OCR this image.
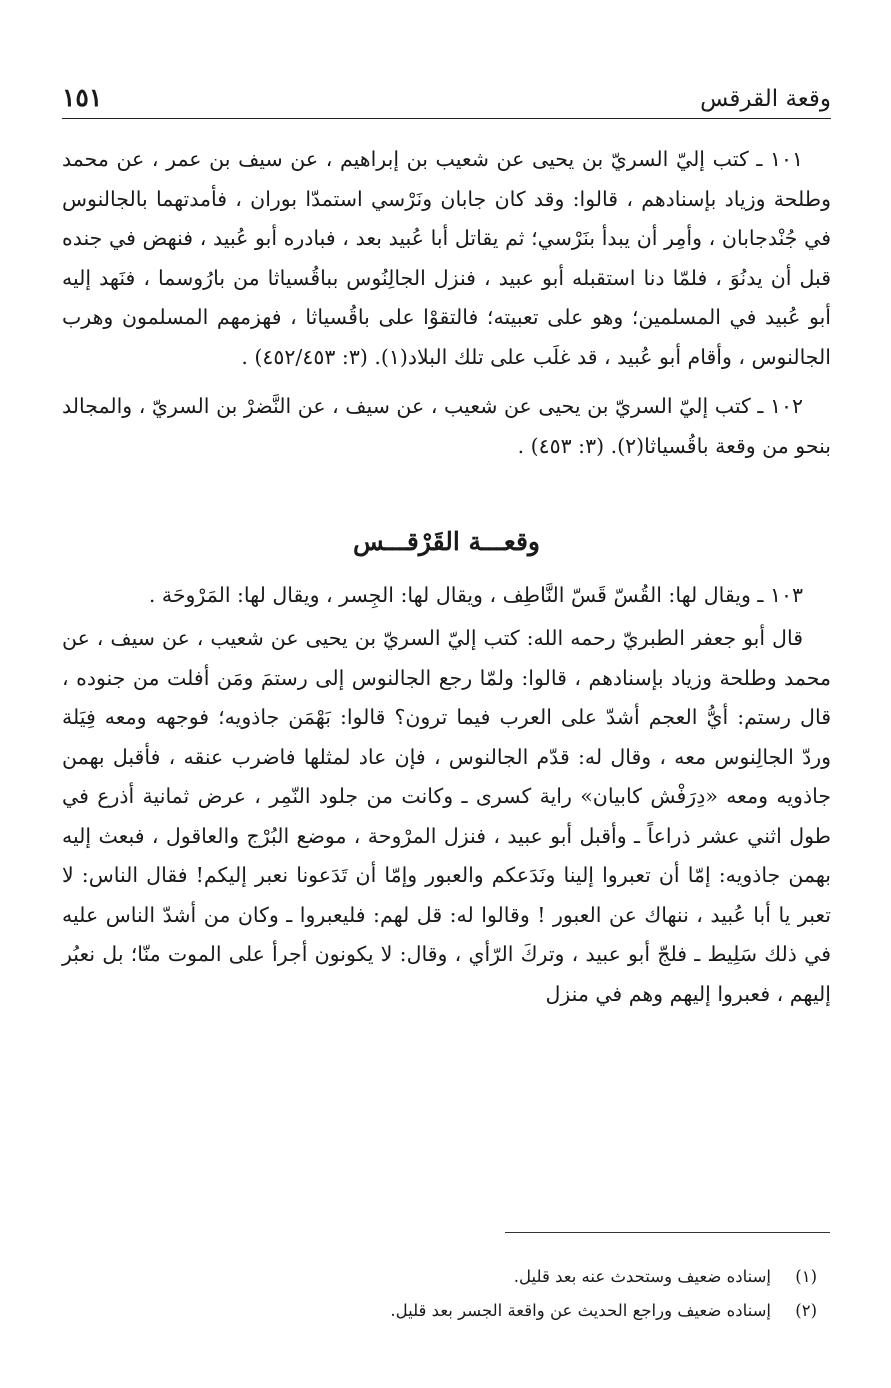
وقعة القرقس
١٥١

١٠١ ـ كتب إليّ السريّ بن يحيى عن شعيب بن إبراهيم ، عن سيف بن عمر ، عن محمد وطلحة وزياد بإسنادهم ، قالوا: وقد كان جابان ونَرْسي استمدّا بوران ، فأمدتهما بالجالنوس في جُنْدجابان ، وأمِر أن يبدأ بنَرْسي؛ ثم يقاتل أبا عُبيد بعد ، فبادره أبو عُبيد ، فنهض في جنده قبل أن يدنُوَ ، فلمّا دنا استقبله أبو عبيد ، فنزل الجالِنُوس بباقُسياثا من بارُوسما ، فنَهد إليه أبو عُبيد في المسلمين؛ وهو على تعبيته؛ فالتقوْا على باقُسياثا ، فهزمهم المسلمون وهرب الجالنوس ، وأقام أبو عُبيد ، قد غلَب على تلك البلاد(١). (٣: ٤٥٢/٤٥٣) .

١٠٢ ـ كتب إليّ السريّ بن يحيى عن شعيب ، عن سيف ، عن النَّضرْ بن السريّ ، والمجالد بنحو من وقعة باقُسياثا(٢). (٣: ٤٥٣) .

وقعـــة القَرْقـــس

١٠٣ ـ ويقال لها: القُسّ قَسّ النَّاطِف ، ويقال لها: الجِسر ، ويقال لها: المَرْوحَة .

قال أبو جعفر الطبريّ رحمه الله: كتب إليّ السريّ بن يحيى عن شعيب ، عن سيف ، عن محمد وطلحة وزياد بإسنادهم ، قالوا: ولمّا رجع الجالنوس إلى رستمَ ومَن أفلت من جنوده ، قال رستم: أيُّ العجم أشدّ على العرب فيما ترون؟ قالوا: بَهْمَن جاذويه؛ فوجهه ومعه فِيَلة وردّ الجالِنوس معه ، وقال له: قدّم الجالنوس ، فإن عاد لمثلها فاضرب عنقه ، فأقبل بهمن جاذويه ومعه «دِرَفْش كابيان» راية كسرى ـ وكانت من جلود النّمِر ، عرض ثمانية أذرع في طول اثني عشر ذراعاً ـ وأقبل أبو عبيد ، فنزل المرْوحة ، موضع البُرْج والعاقول ، فبعث إليه بهمن جاذويه: إمّا أن تعبروا إلينا ونَدَعكم والعبور وإمّا أن تَدَعونا نعبر إليكم! فقال الناس: لا تعبر يا أبا عُبيد ، ننهاك عن العبور ! وقالوا له: قل لهم: فليعبروا ـ وكان من أشدّ الناس عليه في ذلك سَلِيط ـ فلجّ أبو عبيد ، وتركَ الرّأي ، وقال: لا يكونون أجرأ على الموت منّا؛ بل نعبُر إليهم ، فعبروا إليهم وهم في منزل

(١)
إسناده ضعيف وستحدث عنه بعد قليل.
(٢)
إسناده ضعيف وراجع الحديث عن واقعة الجسر بعد قليل.
